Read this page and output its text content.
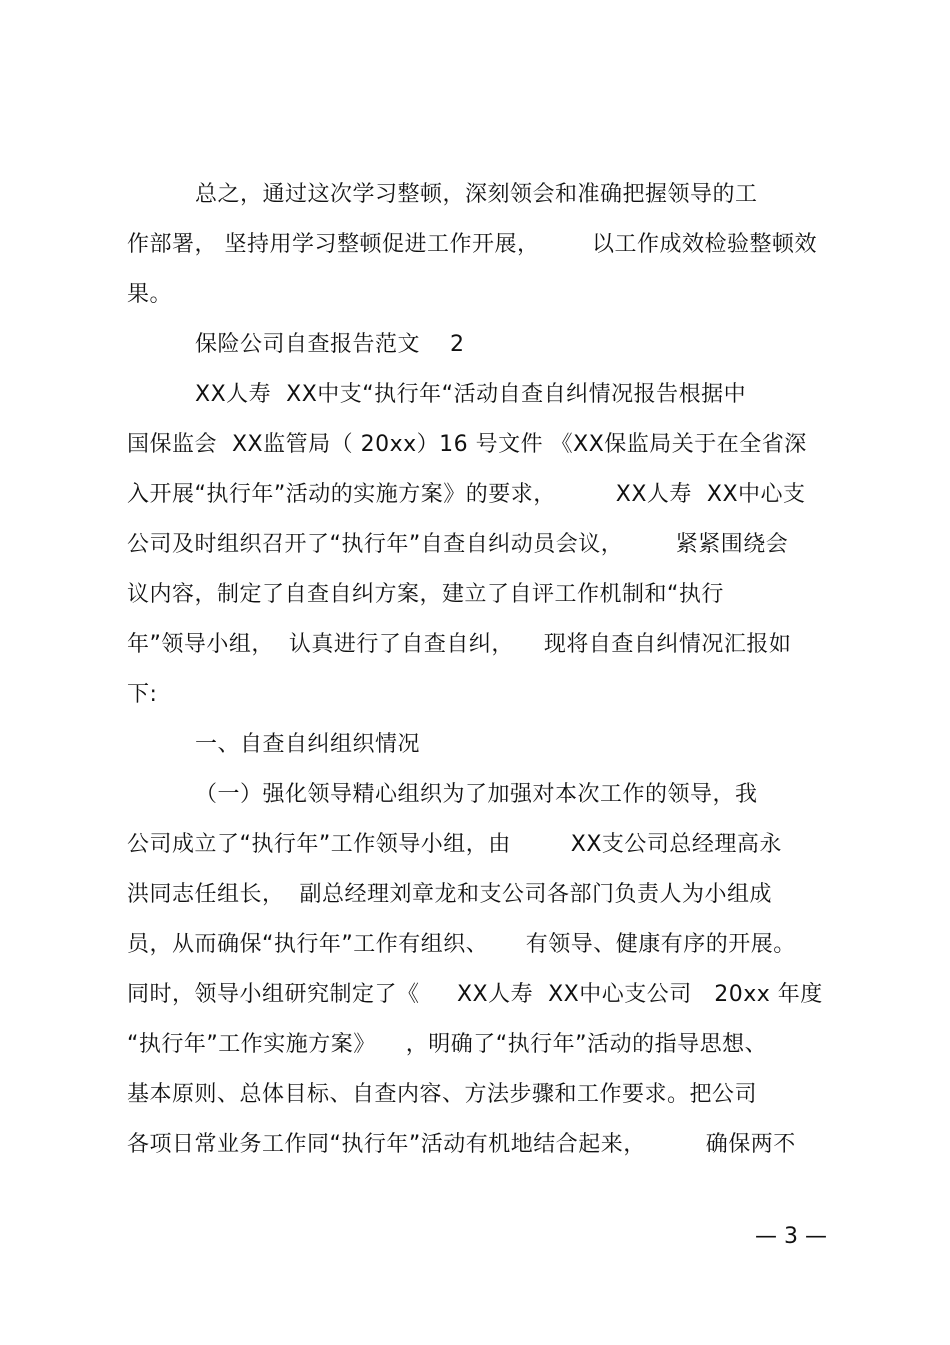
总之，通过这次学习整顿，深刻领会和准确把握领导的工
作部署， 坚持用学习整顿促进工作开展，       以工作成效检验整顿效
果。
保险公司自查报告范文    2
XX人寿  XX中支“执行年“活动自查自纠情况报告根据中
国保监会  XX监管局（ 20xx）16 号文件 《XX保监局关于在全省深
入开展“执行年”活动的实施方案》的要求，        XX人寿  XX中心支
公司及时组织召开了“执行年”自查自纠动员会议，       紧紧围绕会
议内容，制定了自查自纠方案，建立了自评工作机制和“执行
年”领导小组，  认真进行了自查自纠，    现将自查自纠情况汇报如
下:
一、自查自纠组织情况
（一）强化领导精心组织为了加强对本次工作的领导，我
公司成立了“执行年”工作领导小组，由        XX支公司总经理高永
洪同志任组长，  副总经理刘章龙和支公司各部门负责人为小组成
员，从而确保“执行年”工作有组织、     有领导、健康有序的开展。
同时，领导小组研究制定了《     XX人寿  XX中心支公司   20xx 年度
“执行年”工作实施方案》    ，明确了“执行年”活动的指导思想、
基本原则、总体目标、自查内容、方法步骤和工作要求。把公司
各项日常业务工作同“执行年”活动有机地结合起来，        确保两不
— 3 —
